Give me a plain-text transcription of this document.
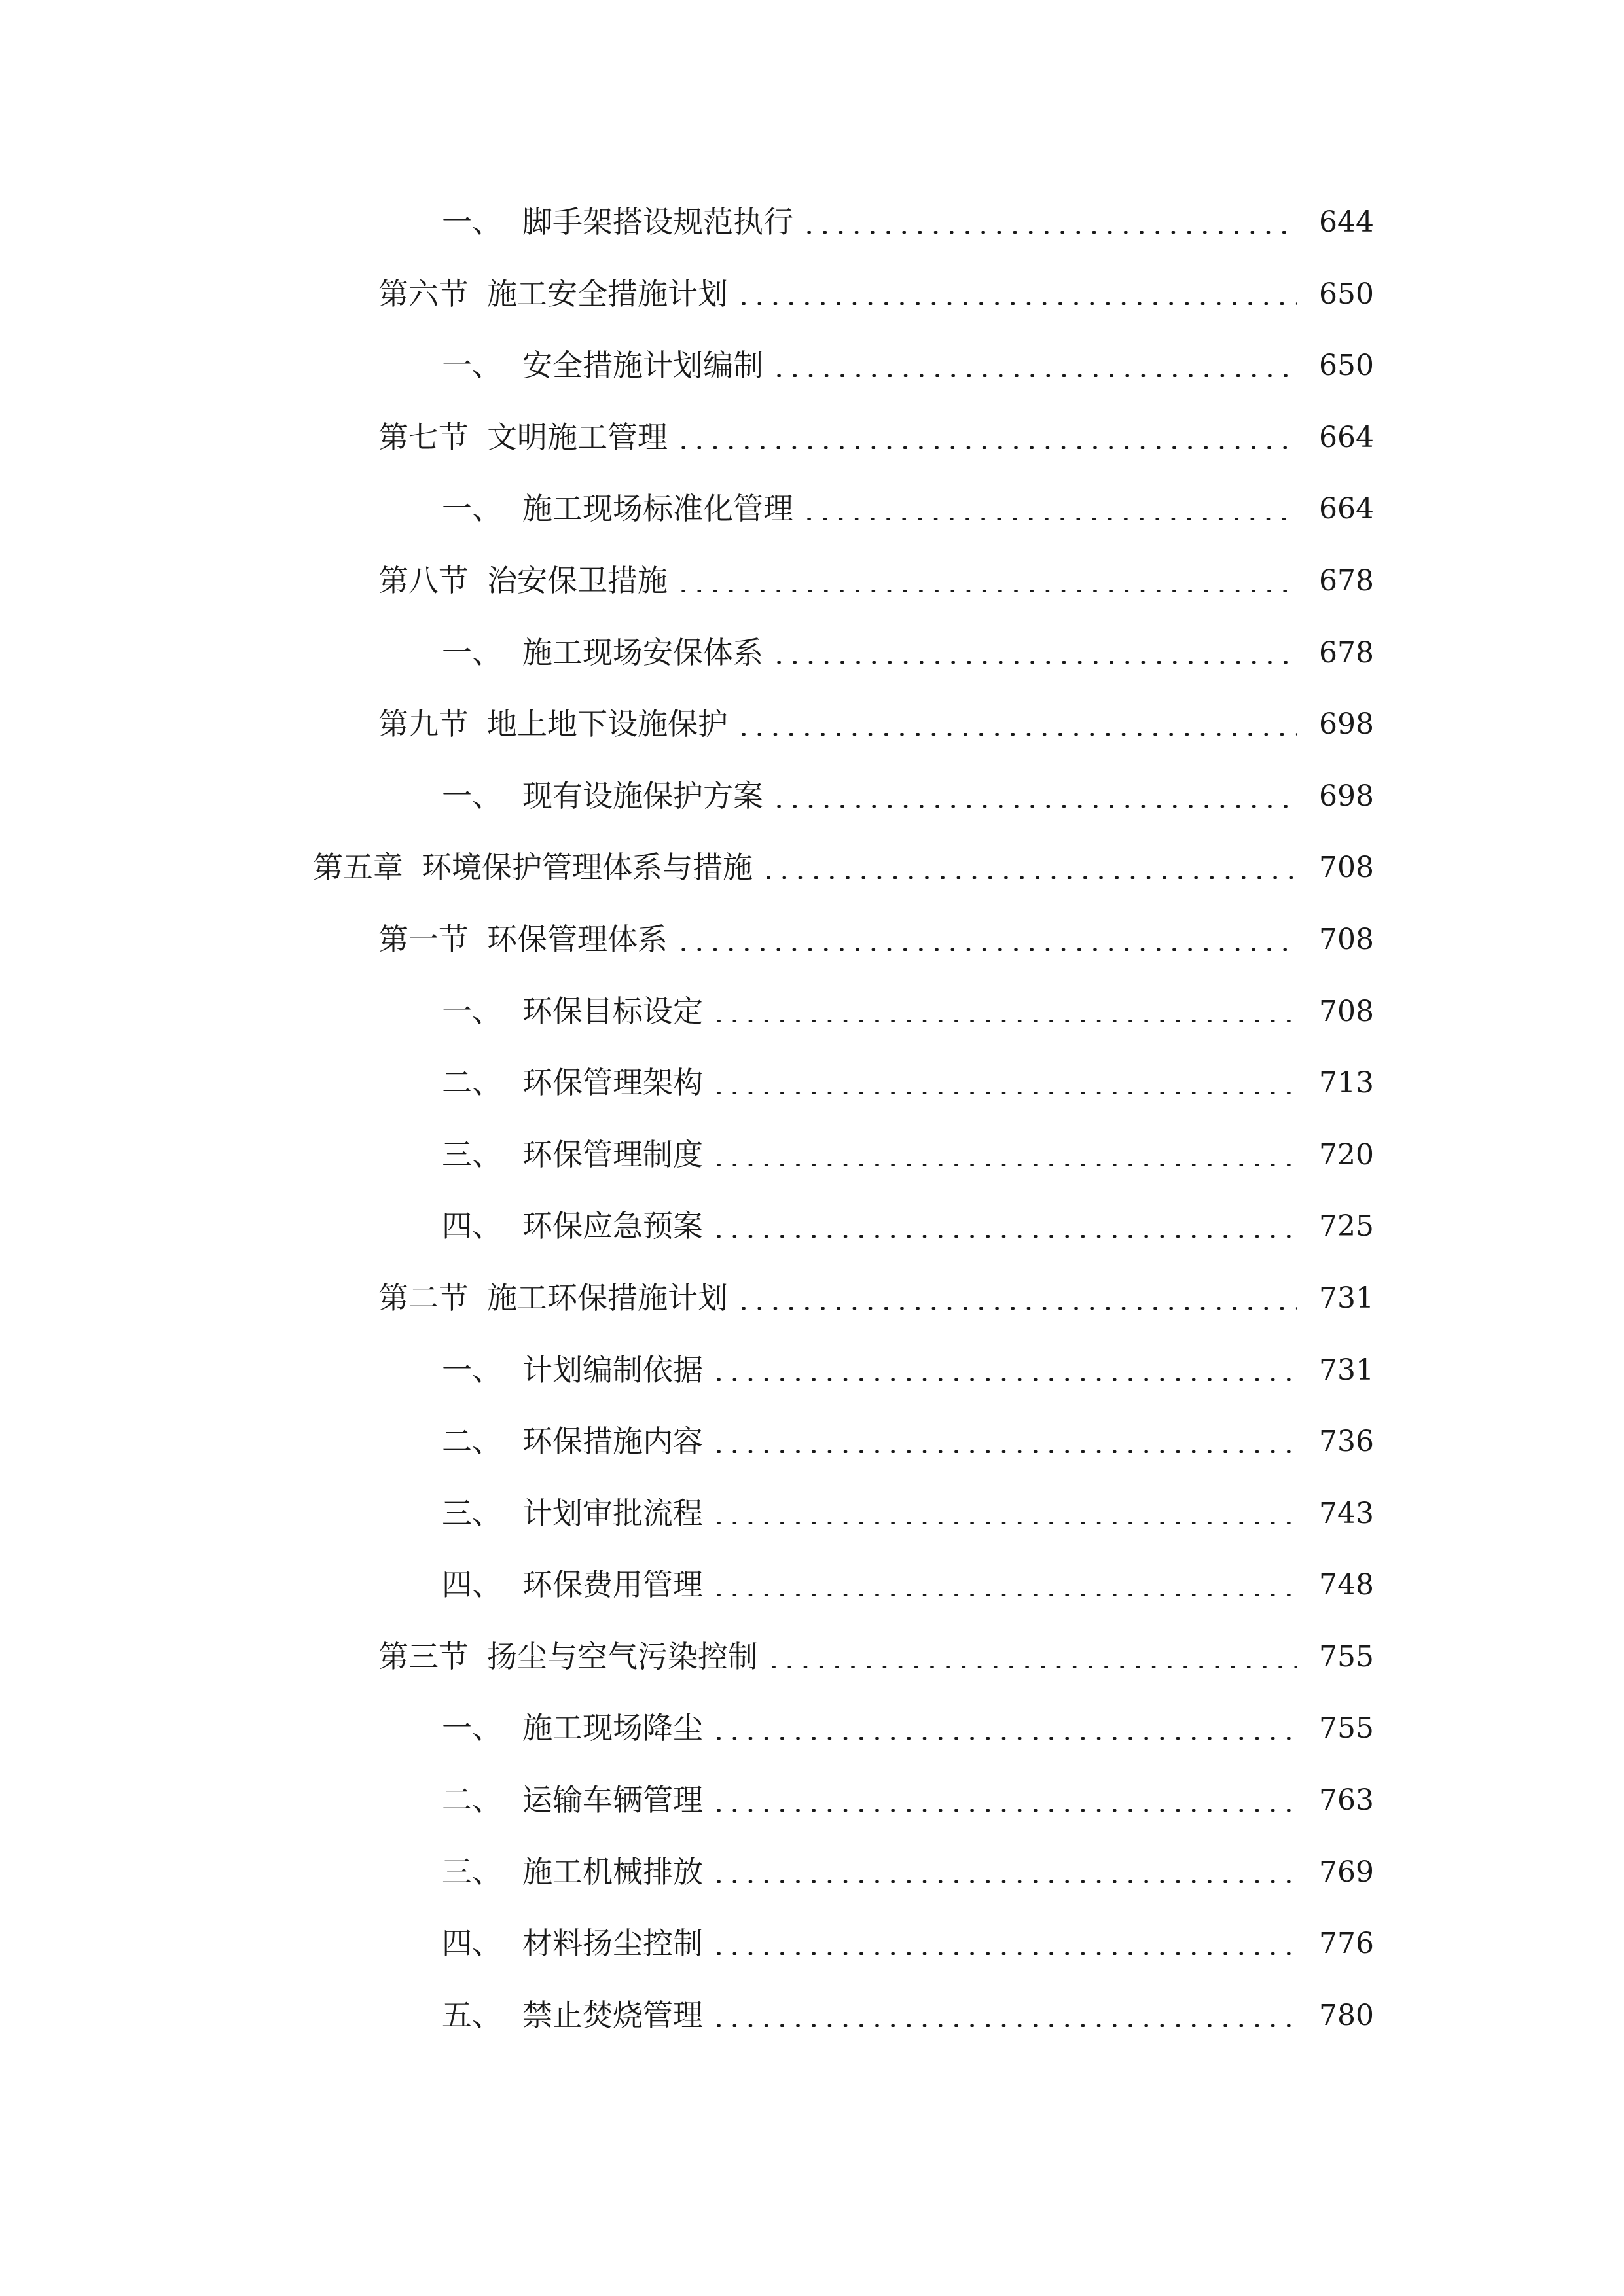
一、 脚手架搭设规范执行	644
第六节 施工安全措施计划	650
一、 安全措施计划编制	650
第七节 文明施工管理	664
一、 施工现场标准化管理	664
第八节 治安保卫措施	678
一、 施工现场安保体系	678
第九节 地上地下设施保护	698
一、 现有设施保护方案	698
第五章 环境保护管理体系与措施	708
第一节 环保管理体系	708
一、 环保目标设定	708
二、 环保管理架构	713
三、 环保管理制度	720
四、 环保应急预案	725
第二节 施工环保措施计划	731
一、 计划编制依据	731
二、 环保措施内容	736
三、 计划审批流程	743
四、 环保费用管理	748
第三节 扬尘与空气污染控制	755
一、 施工现场降尘	755
二、 运输车辆管理	763
三、 施工机械排放	769
四、 材料扬尘控制	776
五、 禁止焚烧管理	780
